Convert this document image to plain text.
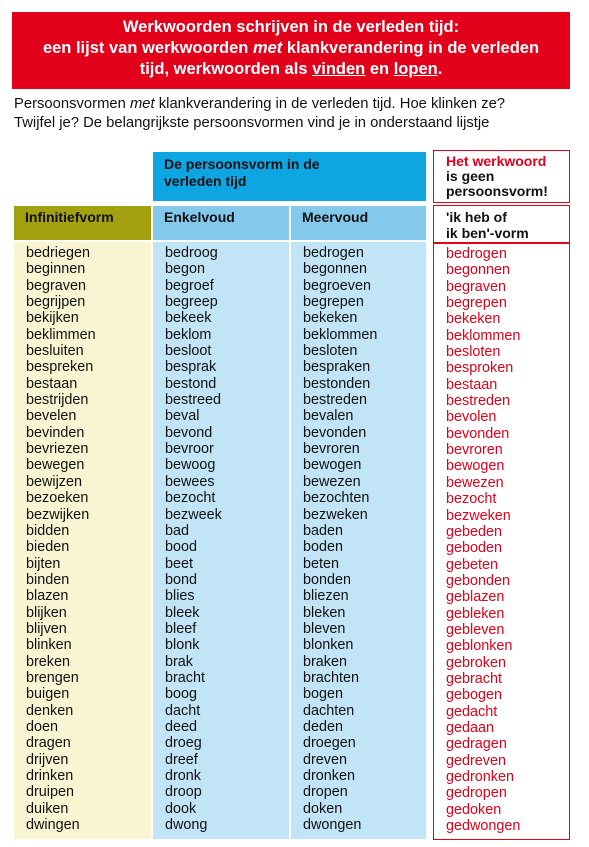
Werkwoorden schrijven in de verleden tijd:
een lijst van werkwoorden met klankverandering in de verleden
tijd, werkwoorden als vinden en lopen.
Persoonsvormen met klankverandering in de verleden tijd. Hoe klinken ze?
Twijfel je? De belangrijkste persoonsvormen vind je in onderstaand lijstje
De persoonsvorm in de
verleden tijd
Infinitiefvorm	Enkelvoud	Meervoud
Het werkwoord
is geen
persoonsvorm!
'ik heb of
ik ben'-vorm
bedriegen
beginnen
begraven
begrijpen
bekijken
beklimmen
besluiten
bespreken
bestaan
bestrijden
bevelen
bevinden
bevriezen
bewegen
bewijzen
bezoeken
bezwijken
bidden
bieden
bijten
binden
blazen
blijken
blijven
blinken
breken
brengen
buigen
denken
doen
dragen
drijven
drinken
druipen
duiken
dwingen
bedroog
begon
begroef
begreep
bekeek
beklom
besloot
besprak
bestond
bestreed
beval
bevond
bevroor
bewoog
bewees
bezocht
bezweek
bad
bood
beet
bond
blies
bleek
bleef
blonk
brak
bracht
boog
dacht
deed
droeg
dreef
dronk
droop
dook
dwong
bedrogen
begonnen
begroeven
begrepen
bekeken
beklommen
besloten
bespraken
bestonden
bestreden
bevalen
bevonden
bevroren
bewogen
bewezen
bezochten
bezweken
baden
boden
beten
bonden
bliezen
bleken
bleven
blonken
braken
brachten
bogen
dachten
deden
droegen
dreven
dronken
dropen
doken
dwongen
bedrogen
begonnen
begraven
begrepen
bekeken
beklommen
besloten
besproken
bestaan
bestreden
bevolen
bevonden
bevroren
bewogen
bewezen
bezocht
bezweken
gebeden
geboden
gebeten
gebonden
geblazen
gebleken
gebleven
geblonken
gebroken
gebracht
gebogen
gedacht
gedaan
gedragen
gedreven
gedronken
gedropen
gedoken
gedwongen
